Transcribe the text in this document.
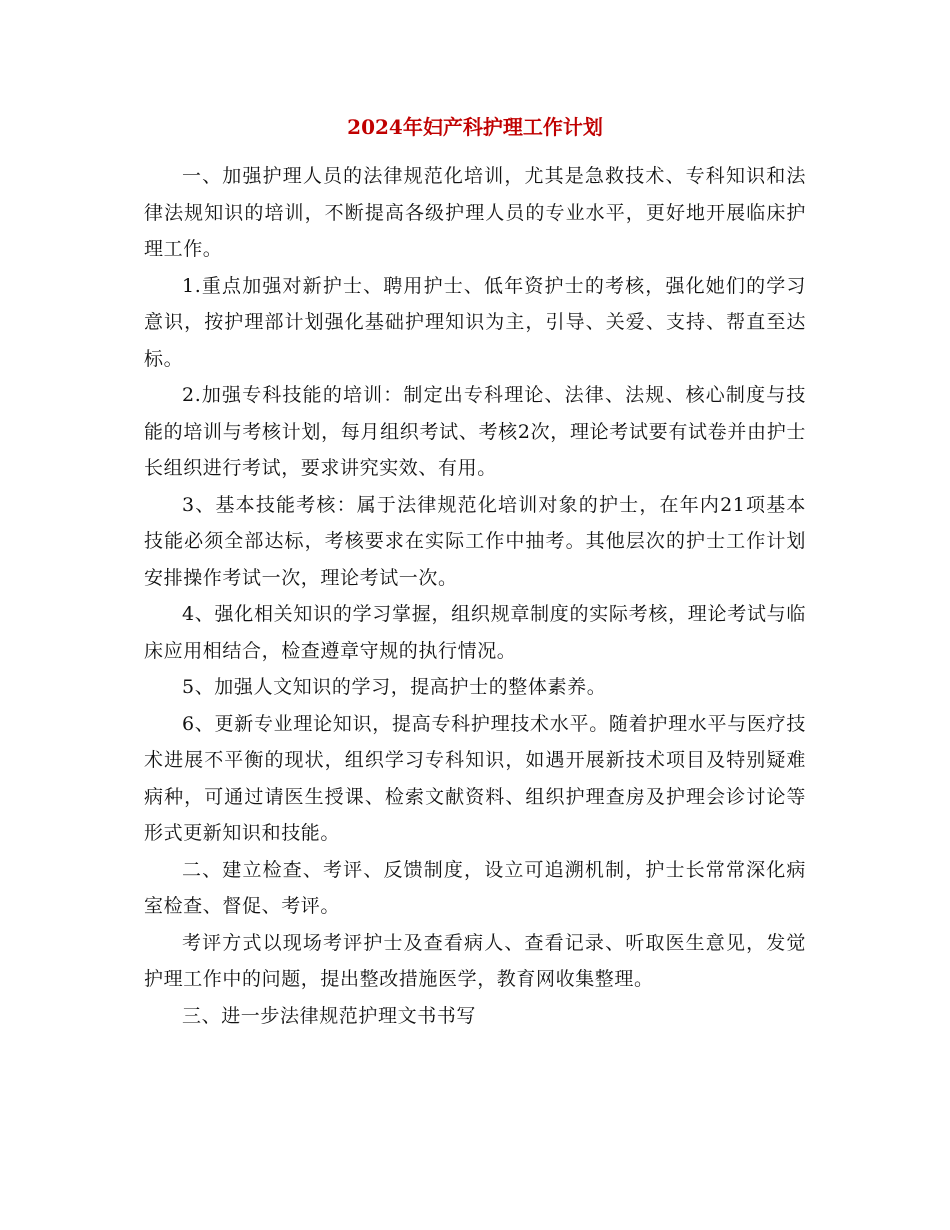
2024年妇产科护理工作计划

一、加强护理人员的法律规范化培训，尤其是急救技术、专科知识和法律法规知识的培训，不断提高各级护理人员的专业水平，更好地开展临床护理工作。

1.重点加强对新护士、聘用护士、低年资护士的考核，强化她们的学习意识，按护理部计划强化基础护理知识为主，引导、关爱、支持、帮直至达标。

2.加强专科技能的培训：制定出专科理论、法律、法规、核心制度与技能的培训与考核计划，每月组织考试、考核2次，理论考试要有试卷并由护士长组织进行考试，要求讲究实效、有用。

3、基本技能考核：属于法律规范化培训对象的护士，在年内21项基本技能必须全部达标，考核要求在实际工作中抽考。其他层次的护士工作计划安排操作考试一次，理论考试一次。

4、强化相关知识的学习掌握，组织规章制度的实际考核，理论考试与临床应用相结合，检查遵章守规的执行情况。

5、加强人文知识的学习，提高护士的整体素养。

6、更新专业理论知识，提高专科护理技术水平。随着护理水平与医疗技术进展不平衡的现状，组织学习专科知识，如遇开展新技术项目及特别疑难病种，可通过请医生授课、检索文献资料、组织护理查房及护理会诊讨论等形式更新知识和技能。

二、建立检查、考评、反馈制度，设立可追溯机制，护士长常常深化病室检查、督促、考评。

考评方式以现场考评护士及查看病人、查看记录、听取医生意见，发觉护理工作中的问题，提出整改措施医学，教育网收集整理。

三、进一步法律规范护理文书书写
